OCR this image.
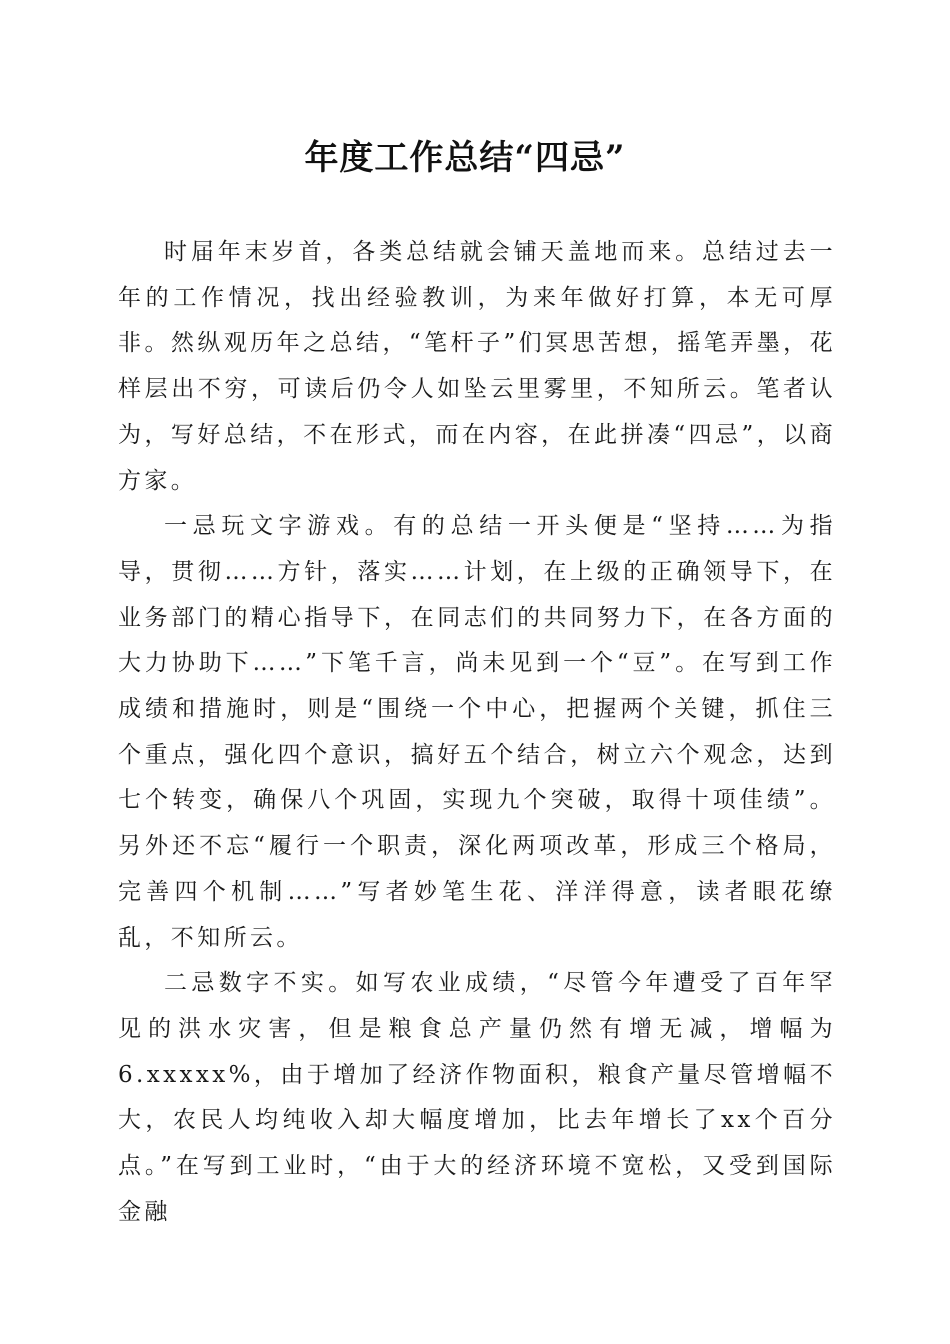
年度工作总结“四忌”

时届年末岁首，各类总结就会铺天盖地而来。总结过去一年的工作情况，找出经验教训，为来年做好打算，本无可厚非。然纵观历年之总结，“笔杆子”们冥思苦想，摇笔弄墨，花样层出不穷，可读后仍令人如坠云里雾里，不知所云。笔者认为，写好总结，不在形式，而在内容，在此拼凑“四忌”，以商方家。

一忌玩文字游戏。有的总结一开头便是“坚持……为指导，贯彻……方针，落实……计划，在上级的正确领导下，在业务部门的精心指导下，在同志们的共同努力下，在各方面的大力协助下……”下笔千言，尚未见到一个“豆”。在写到工作成绩和措施时，则是“围绕一个中心，把握两个关键，抓住三个重点，强化四个意识，搞好五个结合，树立六个观念，达到七个转变，确保八个巩固，实现九个突破，取得十项佳绩”。另外还不忘“履行一个职责，深化两项改革，形成三个格局，完善四个机制……”写者妙笔生花、洋洋得意，读者眼花缭乱，不知所云。

二忌数字不实。如写农业成绩，“尽管今年遭受了百年罕见的洪水灾害，但是粮食总产量仍然有增无减，增幅为6.xxxxx%，由于增加了经济作物面积，粮食产量尽管增幅不大，农民人均纯收入却大幅度增加，比去年增长了xx个百分点。”在写到工业时，“由于大的经济环境不宽松，又受到国际金融
